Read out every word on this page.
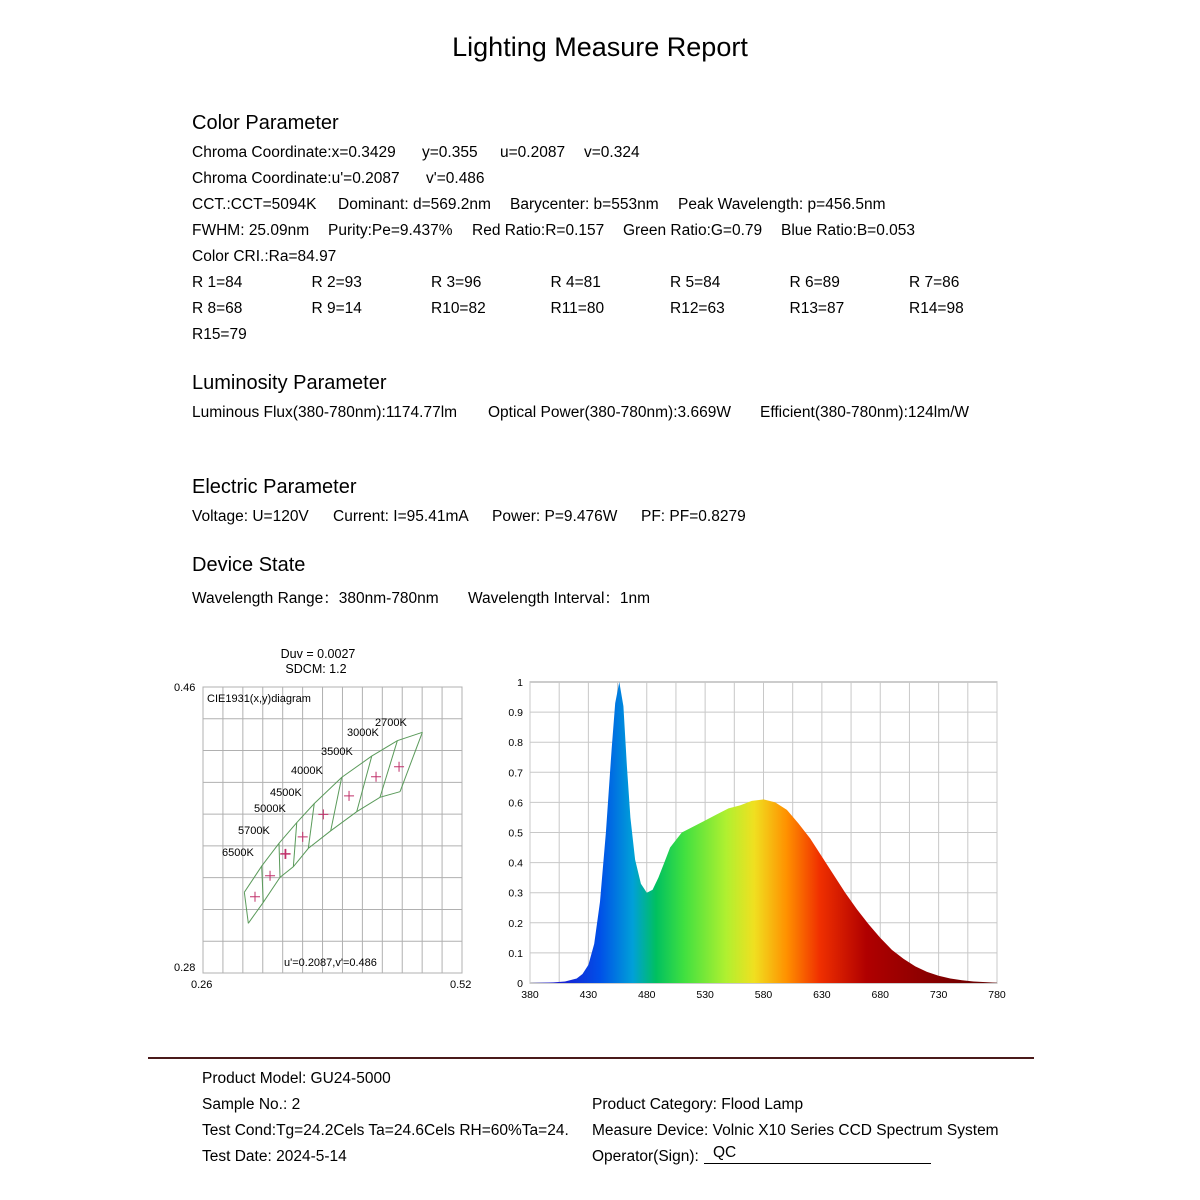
Lighting Measure Report
Color Parameter
Chroma Coordinate:x=0.3429 y=0.355 u=0.2087 v=0.324
Chroma Coordinate:u'=0.2087 v'=0.486
CCT.:CCT=5094K Dominant: d=569.2nm Barycenter: b=553nm Peak Wavelength: p=456.5nm
FWHM: 25.09nm Purity:Pe=9.437% Red Ratio:R=0.157 Green Ratio:G=0.79 Blue Ratio:B=0.053
Color CRI.:Ra=84.97
R 1=84	R 2=93	R 3=96	R 4=81	R 5=84	R 6=89	R 7=86
R 8=68	R 9=14	R10=82	R11=80	R12=63	R13=87	R14=98
R15=79
Luminosity Parameter
Luminous Flux(380-780nm):1174.77lm Optical Power(380-780nm):3.669W Efficient(380-780nm):124lm/W
Electric Parameter
Voltage: U=120V Current: I=95.41mA Power: P=9.476W PF: PF=0.8279
Device State
Wavelength Range：380nm-780nm Wavelength Interval：1nm
Duv = 0.0027
SDCM: 1.2
CIE1931(x,y)diagram
6500K
5700K
5000K
4500K
4000K
3500K
3000K
2700K
u'=0.2087,v'=0.486
0.46
0.28
0.26	0.52
380	430	480	530	580	630	680	730	780
0
0.1
0.2
0.3
0.4
0.5
0.6
0.7
0.8
0.9
1
Product Model: GU24-5000
Sample No.: 2	Product Category: Flood Lamp
Test Cond:Tg=24.2Cels Ta=24.6Cels RH=60%Ta=24. Measure Device: Volnic X10 Series CCD Spectrum System
Test Date: 2024-5-14	Operator(Sign): QC
